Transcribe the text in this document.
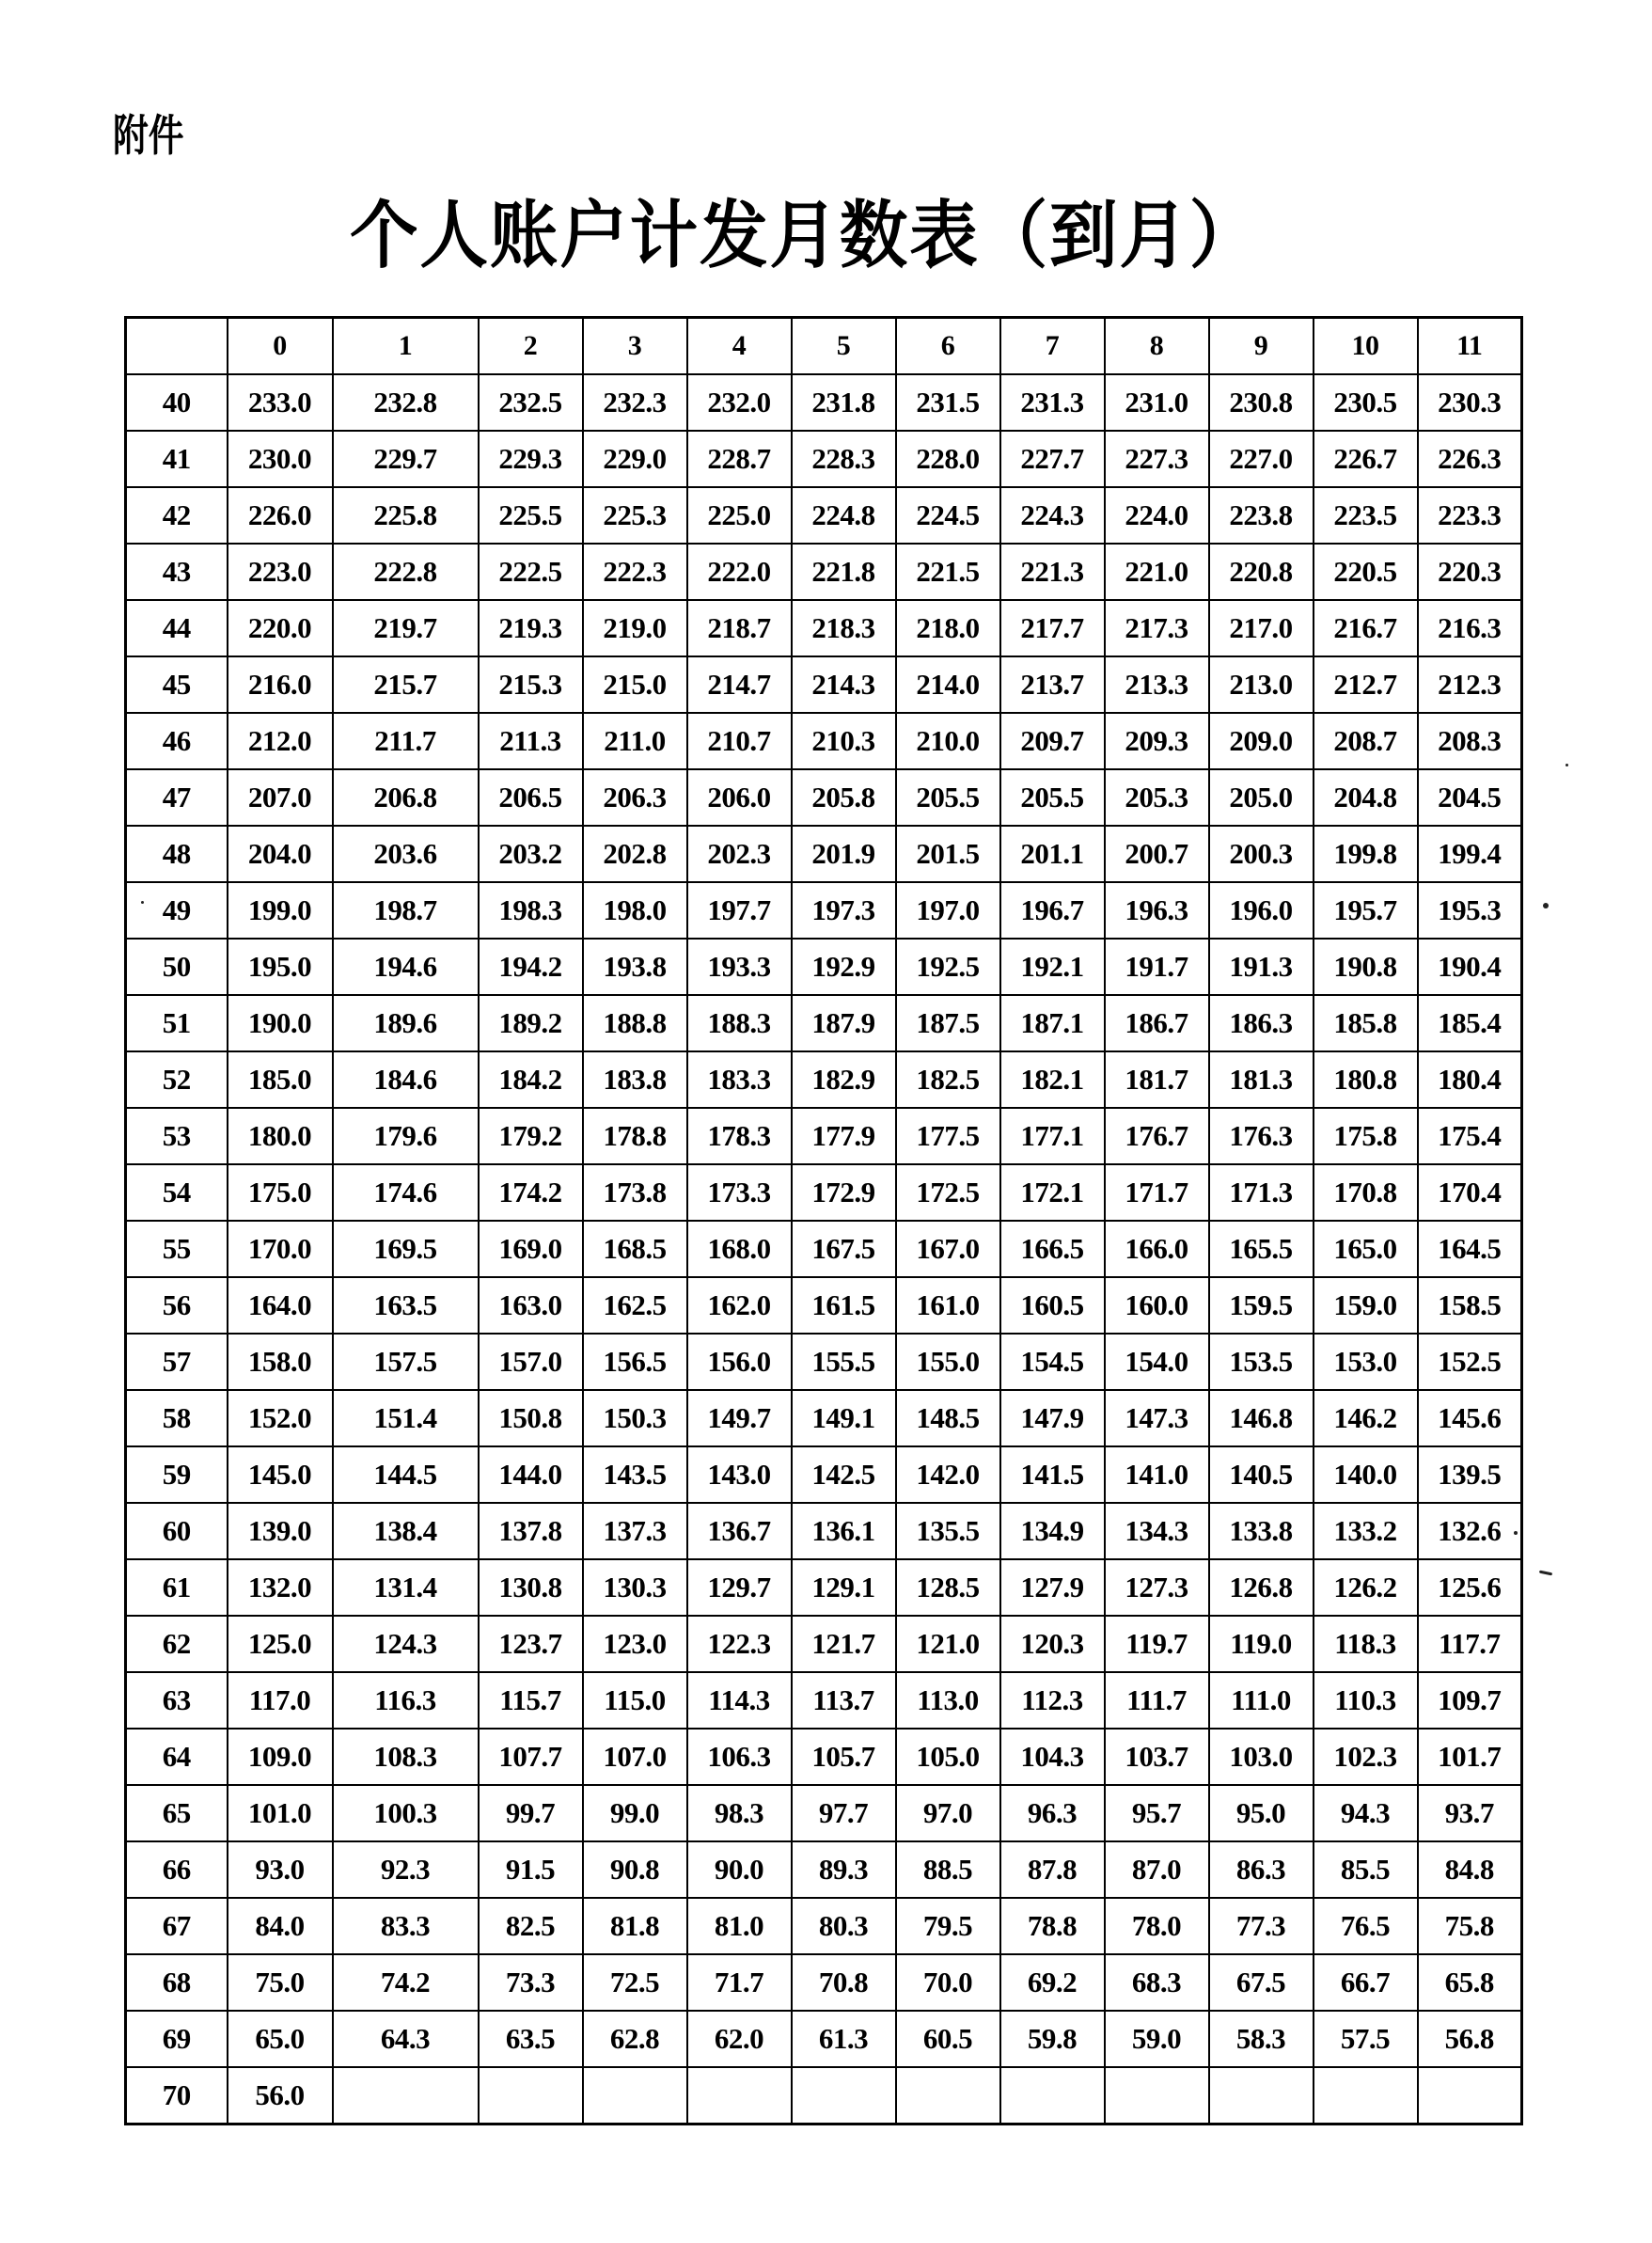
附件
个人账户计发月数表（到月）
	0	1	2	3	4	5	6	7	8	9	10	11
40	233.0	232.8	232.5	232.3	232.0	231.8	231.5	231.3	231.0	230.8	230.5	230.3
41	230.0	229.7	229.3	229.0	228.7	228.3	228.0	227.7	227.3	227.0	226.7	226.3
42	226.0	225.8	225.5	225.3	225.0	224.8	224.5	224.3	224.0	223.8	223.5	223.3
43	223.0	222.8	222.5	222.3	222.0	221.8	221.5	221.3	221.0	220.8	220.5	220.3
44	220.0	219.7	219.3	219.0	218.7	218.3	218.0	217.7	217.3	217.0	216.7	216.3
45	216.0	215.7	215.3	215.0	214.7	214.3	214.0	213.7	213.3	213.0	212.7	212.3
46	212.0	211.7	211.3	211.0	210.7	210.3	210.0	209.7	209.3	209.0	208.7	208.3
47	207.0	206.8	206.5	206.3	206.0	205.8	205.5	205.5	205.3	205.0	204.8	204.5
48	204.0	203.6	203.2	202.8	202.3	201.9	201.5	201.1	200.7	200.3	199.8	199.4
49	199.0	198.7	198.3	198.0	197.7	197.3	197.0	196.7	196.3	196.0	195.7	195.3
50	195.0	194.6	194.2	193.8	193.3	192.9	192.5	192.1	191.7	191.3	190.8	190.4
51	190.0	189.6	189.2	188.8	188.3	187.9	187.5	187.1	186.7	186.3	185.8	185.4
52	185.0	184.6	184.2	183.8	183.3	182.9	182.5	182.1	181.7	181.3	180.8	180.4
53	180.0	179.6	179.2	178.8	178.3	177.9	177.5	177.1	176.7	176.3	175.8	175.4
54	175.0	174.6	174.2	173.8	173.3	172.9	172.5	172.1	171.7	171.3	170.8	170.4
55	170.0	169.5	169.0	168.5	168.0	167.5	167.0	166.5	166.0	165.5	165.0	164.5
56	164.0	163.5	163.0	162.5	162.0	161.5	161.0	160.5	160.0	159.5	159.0	158.5
57	158.0	157.5	157.0	156.5	156.0	155.5	155.0	154.5	154.0	153.5	153.0	152.5
58	152.0	151.4	150.8	150.3	149.7	149.1	148.5	147.9	147.3	146.8	146.2	145.6
59	145.0	144.5	144.0	143.5	143.0	142.5	142.0	141.5	141.0	140.5	140.0	139.5
60	139.0	138.4	137.8	137.3	136.7	136.1	135.5	134.9	134.3	133.8	133.2	132.6
61	132.0	131.4	130.8	130.3	129.7	129.1	128.5	127.9	127.3	126.8	126.2	125.6
62	125.0	124.3	123.7	123.0	122.3	121.7	121.0	120.3	119.7	119.0	118.3	117.7
63	117.0	116.3	115.7	115.0	114.3	113.7	113.0	112.3	111.7	111.0	110.3	109.7
64	109.0	108.3	107.7	107.0	106.3	105.7	105.0	104.3	103.7	103.0	102.3	101.7
65	101.0	100.3	99.7	99.0	98.3	97.7	97.0	96.3	95.7	95.0	94.3	93.7
66	93.0	92.3	91.5	90.8	90.0	89.3	88.5	87.8	87.0	86.3	85.5	84.8
67	84.0	83.3	82.5	81.8	81.0	80.3	79.5	78.8	78.0	77.3	76.5	75.8
68	75.0	74.2	73.3	72.5	71.7	70.8	70.0	69.2	68.3	67.5	66.7	65.8
69	65.0	64.3	63.5	62.8	62.0	61.3	60.5	59.8	59.0	58.3	57.5	56.8
70	56.0											
